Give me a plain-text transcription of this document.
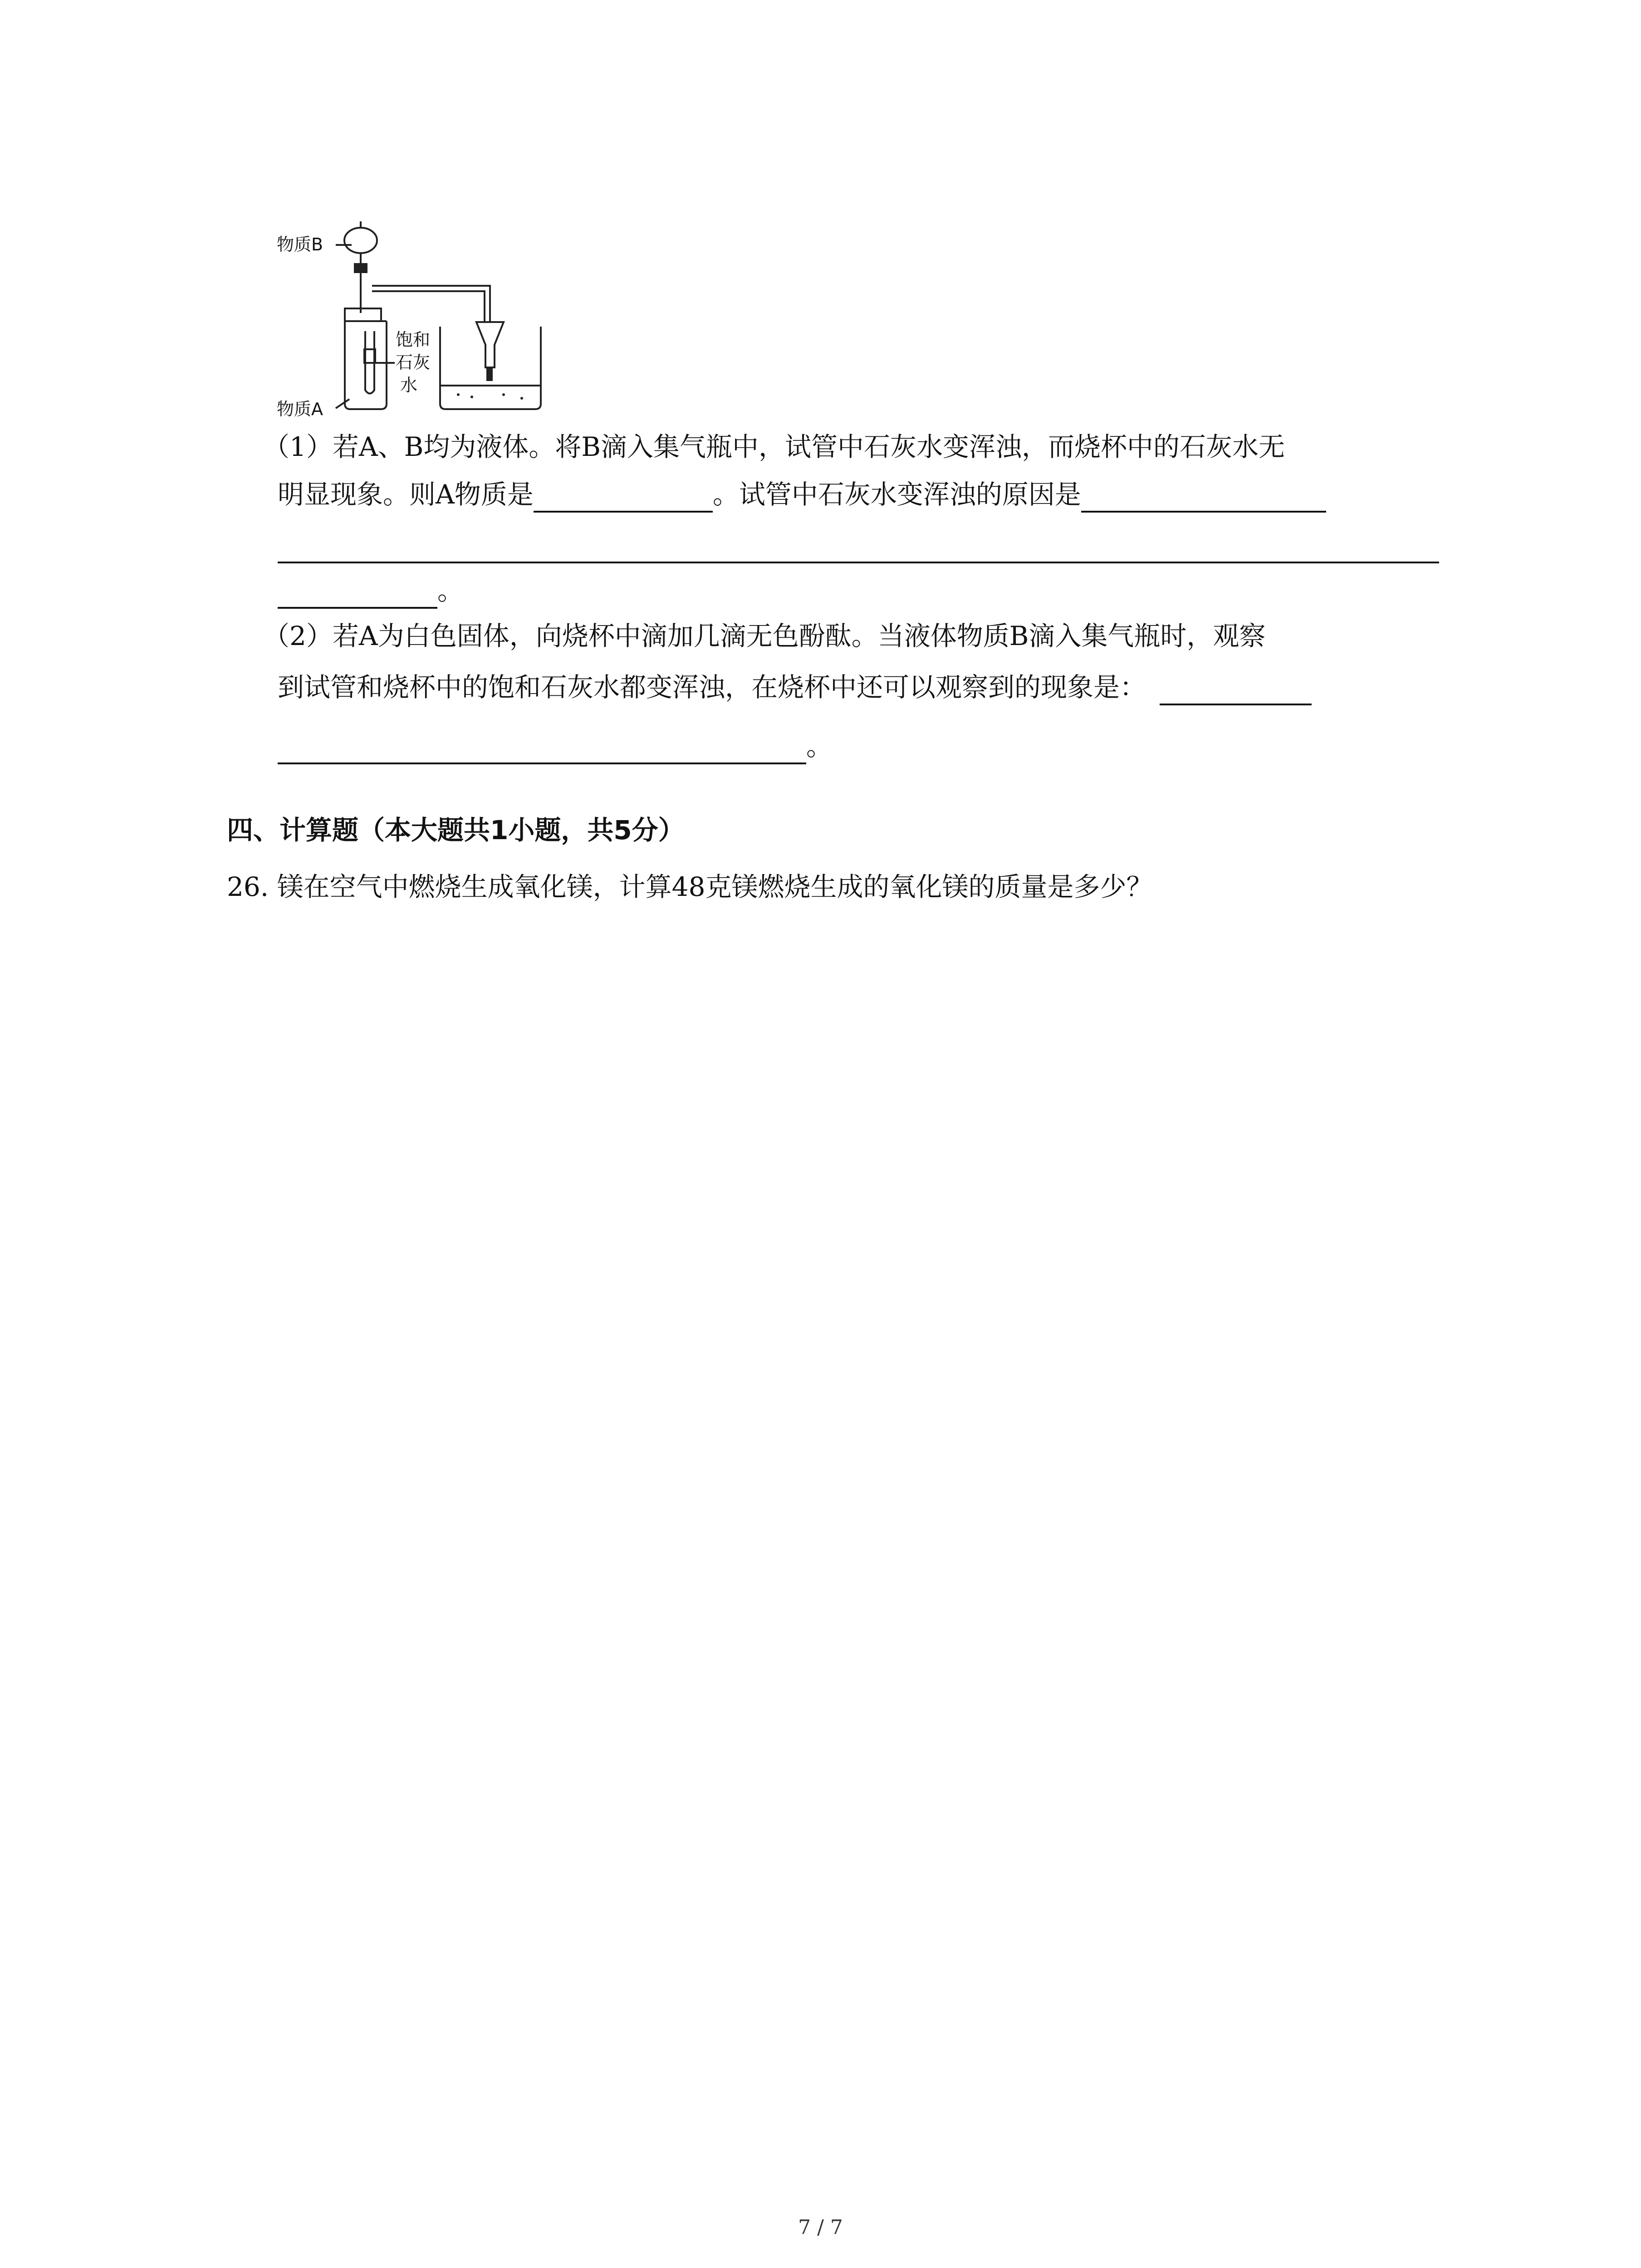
物质B
物质A
饱和
石灰
水
（1）若A、B均为液体。将B滴入集气瓶中，试管中石灰水变浑浊，而烧杯中的石灰水无
明显现象。则A物质是	。试管中石灰水变浑浊的原因是
。
（2）若A为白色固体，向烧杯中滴加几滴无色酚酞。当液体物质B滴入集气瓶时，观察
到试管和烧杯中的饱和石灰水都变浑浊，在烧杯中还可以观察到的现象是：
。
四、计算题（本大题共1小题，共5分）
26. 镁在空气中燃烧生成氧化镁，计算48克镁燃烧生成的氧化镁的质量是多少？
7 / 7
